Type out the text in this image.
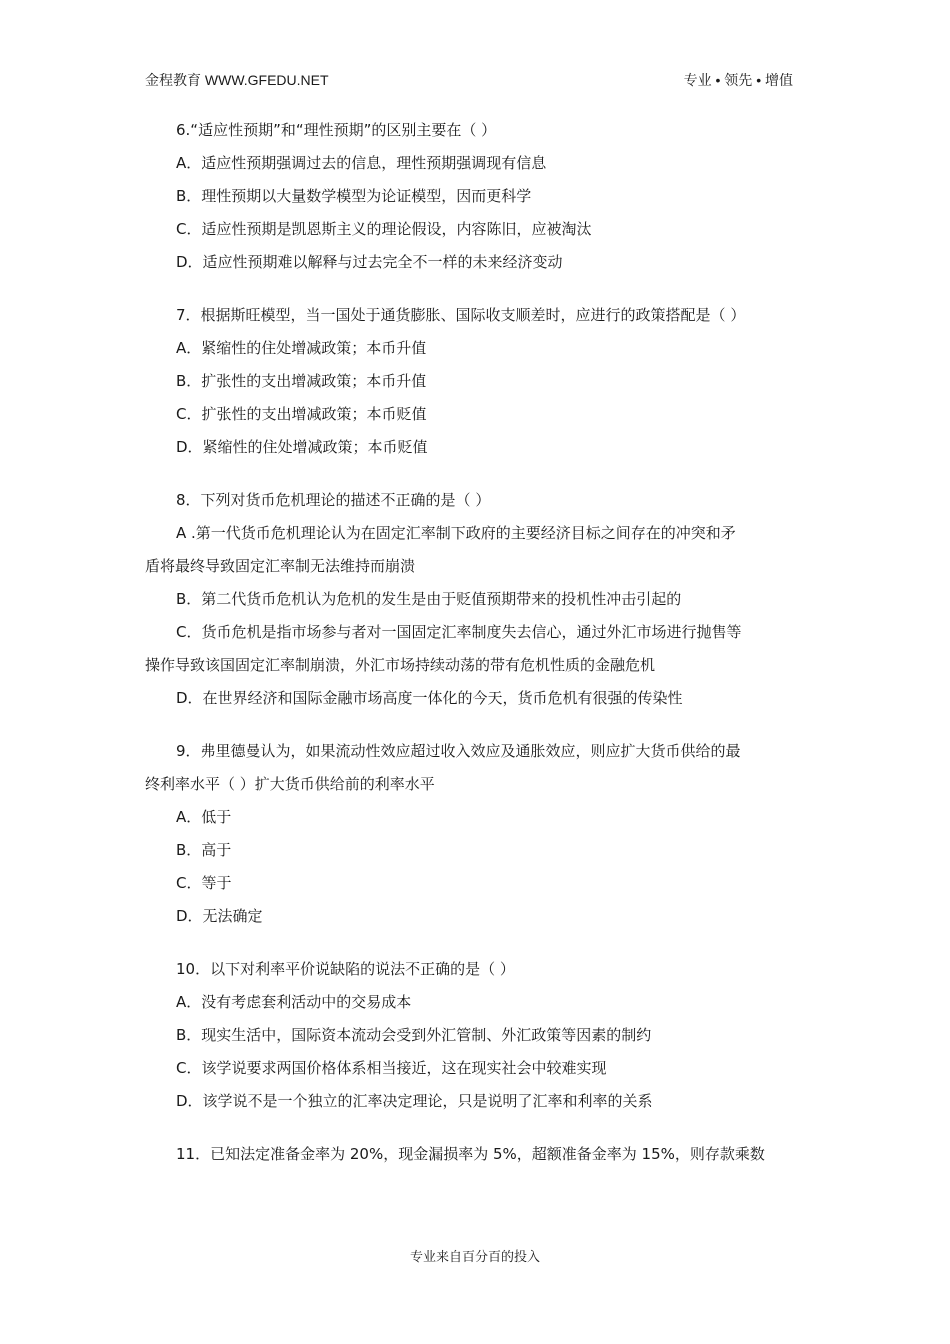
金程教育 WWW.GFEDU.NET	专业 • 领先 • 增值
6.“适应性预期”和“理性预期”的区别主要在（ ）
A．适应性预期强调过去的信息，理性预期强调现有信息
B．理性预期以大量数学模型为论证模型，因而更科学
C．适应性预期是凯恩斯主义的理论假设，内容陈旧，应被淘汰
D．适应性预期难以解释与过去完全不一样的未来经济变动
7．根据斯旺模型，当一国处于通货膨胀、国际收支顺差时，应进行的政策搭配是（ ）
A．紧缩性的住处增减政策；本币升值
B．扩张性的支出增减政策；本币升值
C．扩张性的支出增减政策；本币贬值
D．紧缩性的住处增减政策；本币贬值
8．下列对货币危机理论的描述不正确的是（ ）
A .第一代货币危机理论认为在固定汇率制下政府的主要经济目标之间存在的冲突和矛
盾将最终导致固定汇率制无法维持而崩溃
B．第二代货币危机认为危机的发生是由于贬值预期带来的投机性冲击引起的
C．货币危机是指市场参与者对一国固定汇率制度失去信心，通过外汇市场进行抛售等
操作导致该国固定汇率制崩溃，外汇市场持续动荡的带有危机性质的金融危机
D．在世界经济和国际金融市场高度一体化的今天，货币危机有很强的传染性
9．弗里德曼认为，如果流动性效应超过收入效应及通胀效应，则应扩大货币供给的最
终利率水平（ ）扩大货币供给前的利率水平
A．低于
B．高于
C．等于
D．无法确定
10．以下对利率平价说缺陷的说法不正确的是（ ）
A．没有考虑套利活动中的交易成本
B．现实生活中，国际资本流动会受到外汇管制、外汇政策等因素的制约
C．该学说要求两国价格体系相当接近，这在现实社会中较难实现
D．该学说不是一个独立的汇率决定理论，只是说明了汇率和利率的关系
11．已知法定准备金率为 20%，现金漏损率为 5%，超额准备金率为 15%，则存款乘数
专业来自百分百的投入
